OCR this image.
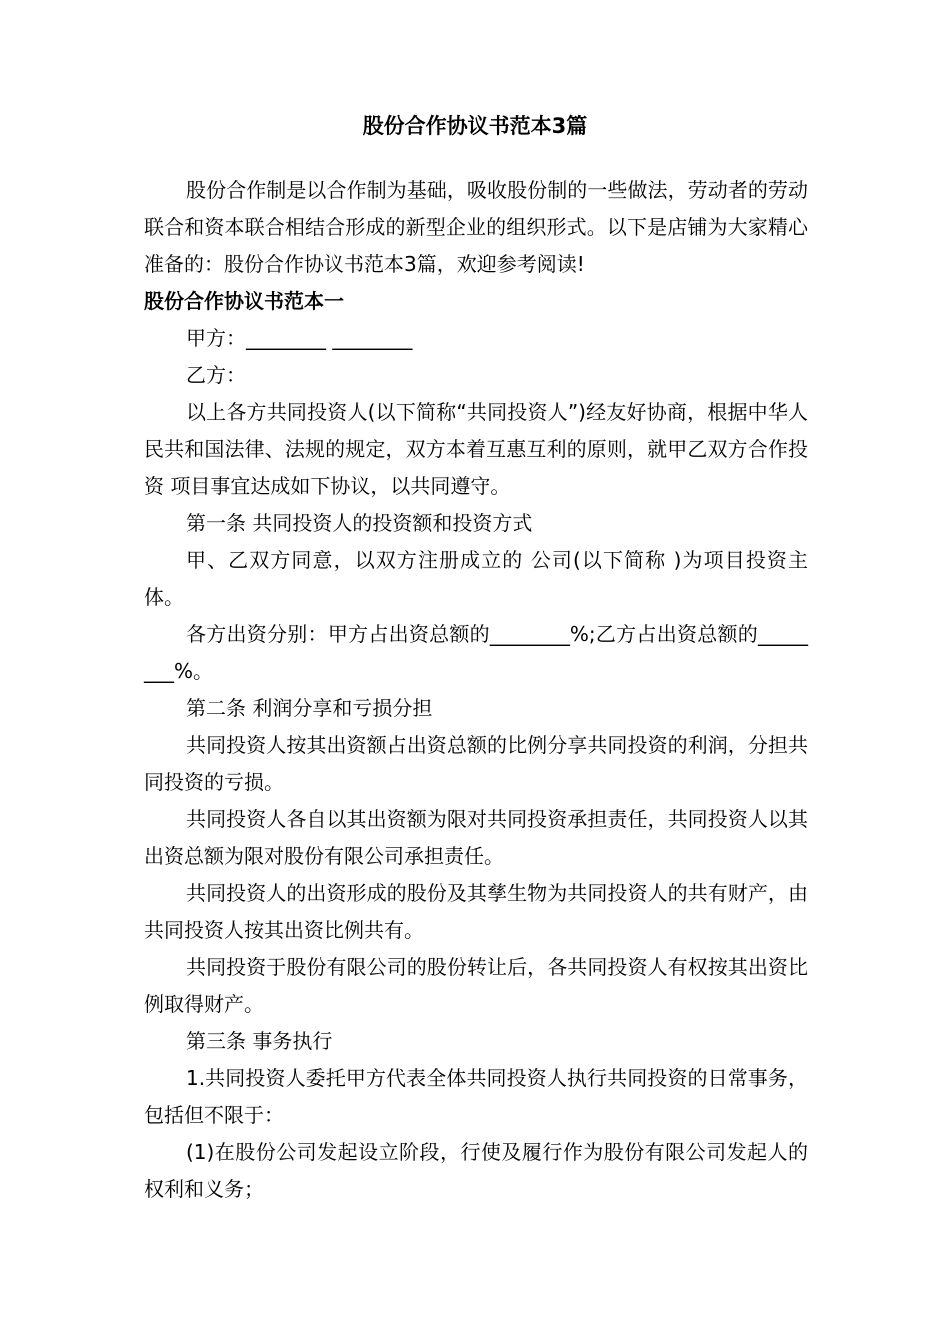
股份合作协议书范本3篇

股份合作制是以合作制为基础，吸收股份制的一些做法，劳动者的劳动联合和资本联合相结合形成的新型企业的组织形式。以下是店铺为大家精心准备的：股份合作协议书范本3篇，欢迎参考阅读!

股份合作协议书范本一

甲方：________ ________

乙方：

以上各方共同投资人(以下简称“共同投资人”)经友好协商，根据中华人民共和国法律、法规的规定，双方本着互惠互利的原则，就甲乙双方合作投资 项目事宜达成如下协议，以共同遵守。

第一条 共同投资人的投资额和投资方式

甲、乙双方同意，以双方注册成立的 公司(以下简称 )为项目投资主体。

各方出资分别：甲方占出资总额的________%;乙方占出资总额的________%。

第二条 利润分享和亏损分担

共同投资人按其出资额占出资总额的比例分享共同投资的利润，分担共同投资的亏损。

共同投资人各自以其出资额为限对共同投资承担责任，共同投资人以其出资总额为限对股份有限公司承担责任。

共同投资人的出资形成的股份及其孳生物为共同投资人的共有财产，由共同投资人按其出资比例共有。

共同投资于股份有限公司的股份转让后，各共同投资人有权按其出资比例取得财产。

第三条 事务执行

1.共同投资人委托甲方代表全体共同投资人执行共同投资的日常事务，包括但不限于：

(1)在股份公司发起设立阶段，行使及履行作为股份有限公司发起人的权利和义务；
